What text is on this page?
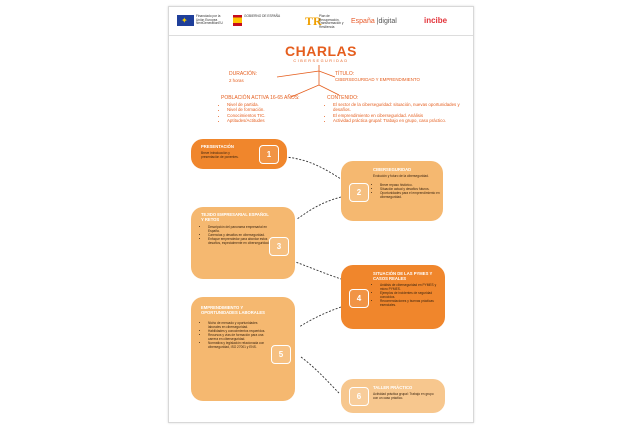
✦	Financiado por la Unión Europea NextGenerationEU
GOBIERNO DE ESPAÑA	TR
Plan de Recuperación, Transformación y Resiliencia
España |digital	incibe
CHARLAS
CIBERSEGURIDAD
DURACIÓN:
2 horas
TÍTULO:
CIBERSEGURIDAD Y EMPRENDIMIENTO
POBLACIÓN ACTIVA 16-65 AÑOS:
• Nivel de partida.
• Nivel de formación.
• Conocimientos TIC.
• Aptitudes/Actitudes
CONTENIDO:
• El sector de la ciberseguridad: situación, nuevas oportunidades y desafíos.
• El emprendimiento en ciberseguridad. Análisis
• Actividad práctica grupal: Trabajo en grupo, caso práctico.
PRESENTACIÓN
Breve introducción y presentación de ponentes.	1
CIBERSEGURIDAD
Evolución y futuro de la ciberseguridad.
• Breve repaso histórico.
• Situación actual y desafíos futuros.
• Oportunidades para el emprendimiento en ciberseguridad.
2
TEJIDO EMPRESARIAL ESPAÑOL Y RETOS
• Descripción del panorama empresarial en España.
• Carencias y desafíos en ciberseguridad.
• Enfoque emprendedor para abordar estos desafíos, especialmente en ciberseguridad. 3
SITUACIÓN DE LAS PYMES Y CASOS REALES
• Análisis de ciberseguridad en PYMES y micro PYMES.
• Ejemplos de incidentes de seguridad conocidos.
• Recomendaciones y buenas prácticas esenciales.
4
EMPRENDIMIENTO Y OPORTUNIDADES LABORALES
• Nicho de mercado y oportunidades laborales en ciberseguridad.
• Habilidades y conocimientos requeridos.
• Recursos y vías de formación para una carrera en ciberseguridad.
• Normativa y legislación relacionada con ciberseguridad, ISO 27001 y ENS.
5
TALLER PRÁCTICO
Actividad práctica grupal: Trabajo en grupo con un caso práctico.
6
